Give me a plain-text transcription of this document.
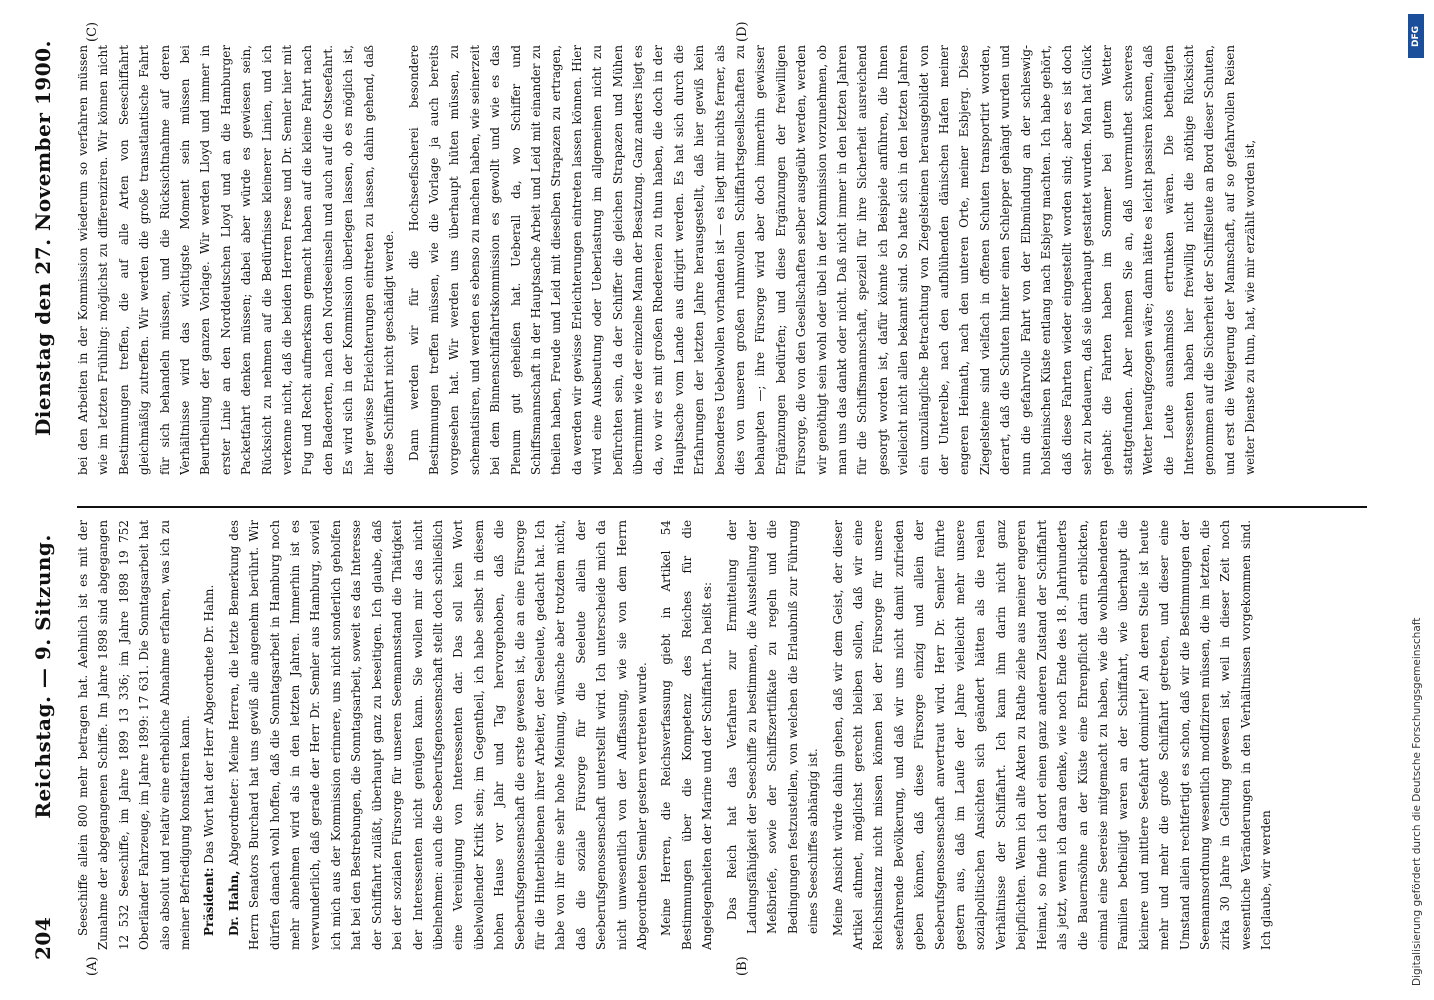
204
Reichstag. — 9. Sitzung.
Dienstag den 27. November 1900.
(A)	(B)
(C)	(D)

Seeschiffe allein 800 mehr betragen hat. Aehnlich ist es mit der Zunahme der abgegangenen Schiffe. Im Jahre 1898 sind abgegangen 12 532 Seeschiffe, im Jahre 1899 13 336; im Jahre 1898 19 752 Oberländer Fahrzeuge, im Jahre 1899: 17 631. Die Sonntagsarbeit hat also absolut und relativ eine erhebliche Abnahme erfahren, was ich zu meiner Befriedigung konstatiren kann. Präsident: Das Wort hat der Herr Abgeordnete Dr. Hahn.

Dr. Hahn, Abgeordneter: Meine Herren, die letzte Bemerkung des Herrn Senators Burchard hat uns gewiß alle angenehm berührt. Wir dürfen danach wohl hoffen, daß die Sonntagsarbeit in Hamburg noch mehr abnehmen wird als in den letzten Jahren. Immerhin ist es verwunderlich, daß gerade der Herr Dr. Semler aus Hamburg, soviel ich mich aus der Kommission erinnere, uns nicht sonderlich geholfen hat bei den Bestrebungen, die Sonntagsarbeit, soweit es das Interesse der Schiffahrt zuläßt, überhaupt ganz zu beseitigen. Ich glaube, daß bei der sozialen Fürsorge für unseren Seemannsstand die Thätigkeit der Interessenten nicht genügen kann. Sie wollen mir das nicht übelnehmen: auch die Seeberufsgenossenschaft stellt doch schließlich eine Vereinigung von Interessenten dar. Das soll kein Wort übelwollender Kritik sein; im Gegentheil, ich habe selbst in diesem hohen Hause vor Jahr und Tag hervorgehoben, daß die Seeberufsgenossenschaft die erste gewesen ist, die an eine Fürsorge für die Hinterbliebenen ihrer Arbeiter, der Seeleute, gedacht hat. Ich habe von ihr eine sehr hohe Meinung, wünsche aber trotzdem nicht, daß die soziale Fürsorge für die Seeleute allein der Seeberufsgenossenschaft unterstellt wird. Ich unterscheide mich da nicht unwesentlich von der Auffassung, wie sie von dem Herrn Abgeordneten Semler gestern vertreten wurde. Meine Herren, die Reichsverfassung giebt in Artikel 54 Bestimmungen über die Kompetenz des Reiches für die Angelegenheiten der Marine und der Schiffahrt. Da heißt es: Das Reich hat das Verfahren zur Ermittelung der Ladungsfähigkeit der Seeschiffe zu bestimmen, die Ausstellung der Meßbriefe, sowie der Schiffszertifikate zu regeln und die Bedingungen festzustellen, von welchen die Erlaubniß zur Führung eines Seeschiffes abhängig ist. Meine Ansicht würde dahin gehen, daß wir dem Geist, der dieser Artikel athmet, möglichst gerecht bleiben sollen, daß wir eine Reichsinstanz nicht missen können bei der Fürsorge für unsere seefahrende Bevölkerung, und daß wir uns nicht damit zufrieden geben können, daß diese Fürsorge einzig und allein der Seeberufsgenossenschaft anvertraut wird. Herr Dr. Semler führte gestern aus, daß im Laufe der Jahre vielleicht mehr unsere sozialpolitischen Ansichten sich geändert hätten als die realen Verhältnisse der Schiffahrt. Ich kann ihm darin nicht ganz beipflichten. Wenn ich alte Akten zu Rathe ziehe aus meiner engeren Heimat, so finde ich dort einen ganz anderen Zustand der Schiffahrt als jetzt, wenn ich daran denke, wie noch Ende des 18. Jahrhunderts die Bauernsöhne an der Küste eine Ehrenpflicht darin erblickten, einmal eine Seereise mitgemacht zu haben, wie die wohlhabenderen Familien betheiligt waren an der Schiffahrt, wie überhaupt die kleinere und mittlere Seefahrt dominirte! An deren Stelle ist heute mehr und mehr die große Schiffahrt getreten, und dieser eine Umstand allein rechtfertigt es schon, daß wir die Bestimmungen der Seemannsordnung wesentlich modifiziren müssen, die im letzten, die zirka 30 Jahre in Geltung gewesen ist, weil in dieser Zeit noch wesentliche Veränderungen in den Verhältnissen vorgekommen sind. Ich glaube, wir werden

bei den Arbeiten in der Kommission wiederum so verfahren müssen wie im letzten Frühling: möglichst zu differenziren. Wir können nicht Bestimmungen treffen, die auf alle Arten von Seeschiffahrt gleichmäßig zutreffen. Wir werden die große transatlantische Fahrt für sich behandeln müssen, und die Rücksichtnahme auf deren Verhältnisse wird das wichtigste Moment sein müssen bei Beurtheilung der ganzen Vorlage. Wir werden Lloyd und immer in erster Linie an den Norddeutschen Lloyd und an die Hamburger Packetfahrt denken müssen; dabei aber würde es gewiesen sein, Rücksicht zu nehmen auf die Bedürfnisse kleinerer Linien, und ich verkenne nicht, daß die beiden Herren Frese und Dr. Semler hier mit Fug und Recht aufmerksam gemacht haben auf die kleine Fahrt nach den Badeorten, nach den Nordseeinseln und auch auf die Ostseefahrt. Es wird sich in der Kommission überlegen lassen, ob es möglich ist, hier gewisse Erleichterungen eintreten zu lassen, dahin gehend, daß diese Schiffahrt nicht geschädigt werde. Dann werden wir für die Hochseefischerei besondere Bestimmungen treffen müssen, wie die Vorlage ja auch bereits vorgesehen hat. Wir werden uns überhaupt hüten müssen, zu schematisiren, und werden es ebenso zu machen haben, wie seinerzeit bei dem Binnenschiffahrtskommission es gewollt und wie es das Plenum gut geheißen hat. Ueberall da, wo Schiffer und Schiffsmannschaft in der Hauptsache Arbeit und Leid mit einander zu theilen haben, Freude und Leid mit dieselben Strapazen zu ertragen, da werden wir gewisse Erleichterungen eintreten lassen können. Hier wird eine Ausbeutung oder Ueberlastung im allgemeinen nicht zu befürchten sein, da der Schiffer die gleichen Strapazen und Mühen übernimmt wie der einzelne Mann der Besatzung. Ganz anders liegt es da, wo wir es mit großen Rhedereien zu thun haben, die doch in der Hauptsache vom Lande aus dirigirt werden. Es hat sich durch die Erfahrungen der letzten Jahre herausgestellt, daß hier gewiß kein besonderes Uebelwollen vorhanden ist — es liegt mir nichts ferner, als dies von unseren großen ruhmvollen Schiffahrtsgesellschaften zu behaupten —; ihre Fürsorge wird aber doch immerhin gewisser Ergänzungen bedürfen; und diese Ergänzungen der freiwilligen Fürsorge, die von den Gesellschaften selber ausgeübt werden, werden wir genöthigt sein wohl oder übel in der Kommission vorzunehmen, ob man uns das dankt oder nicht. Daß nicht immer in den letzten Jahren für die Schiffsmannschaft, speziell für ihre Sicherheit ausreichend gesorgt worden ist, dafür könnte ich Beispiele anführen, die Ihnen vielleicht nicht allen bekannt sind. So hatte sich in den letzten Jahren ein unzulängliche Betrachtung von Ziegelsteinen herausgebildet von der Unterelbe, nach den aufblühenden dänischen Hafen meiner engeren Heimath, nach den unteren Orte, meiner Esbjerg. Diese Ziegelsteine sind vielfach in offenen Schuten transportirt worden, derart, daß die Schuten hinter einen Schlepper gehängt wurden und nun die gefahrvolle Fahrt von der Elbmündung an der schleswig-holsteinischen Küste entlang nach Esbjerg machten. Ich habe gehört, daß diese Fahrten wieder eingestellt worden sind; aber es ist doch sehr zu bedauern, daß sie überhaupt gestattet wurden. Man hat Glück gehabt: die Fahrten haben im Sommer bei gutem Wetter stattgefunden. Aber nehmen Sie an, daß unvermuthet schweres Wetter heraufgezogen wäre; dann hätte es leicht passiren können, daß die Leute ausnahmslos ertrunken wären. Die betheiligten Interessenten haben hier freiwillig nicht die nöthige Rücksicht genommen auf die Sicherheit der Schiffsleute an Bord dieser Schuten, und erst die Weigerung der Mannschaft, auf so gefahrvollen Reisen weiter Dienste zu thun, hat, wie mir erzählt worden ist,

DFG
Digitalisierung gefördert durch die Deutsche Forschungsgemeinschaft
